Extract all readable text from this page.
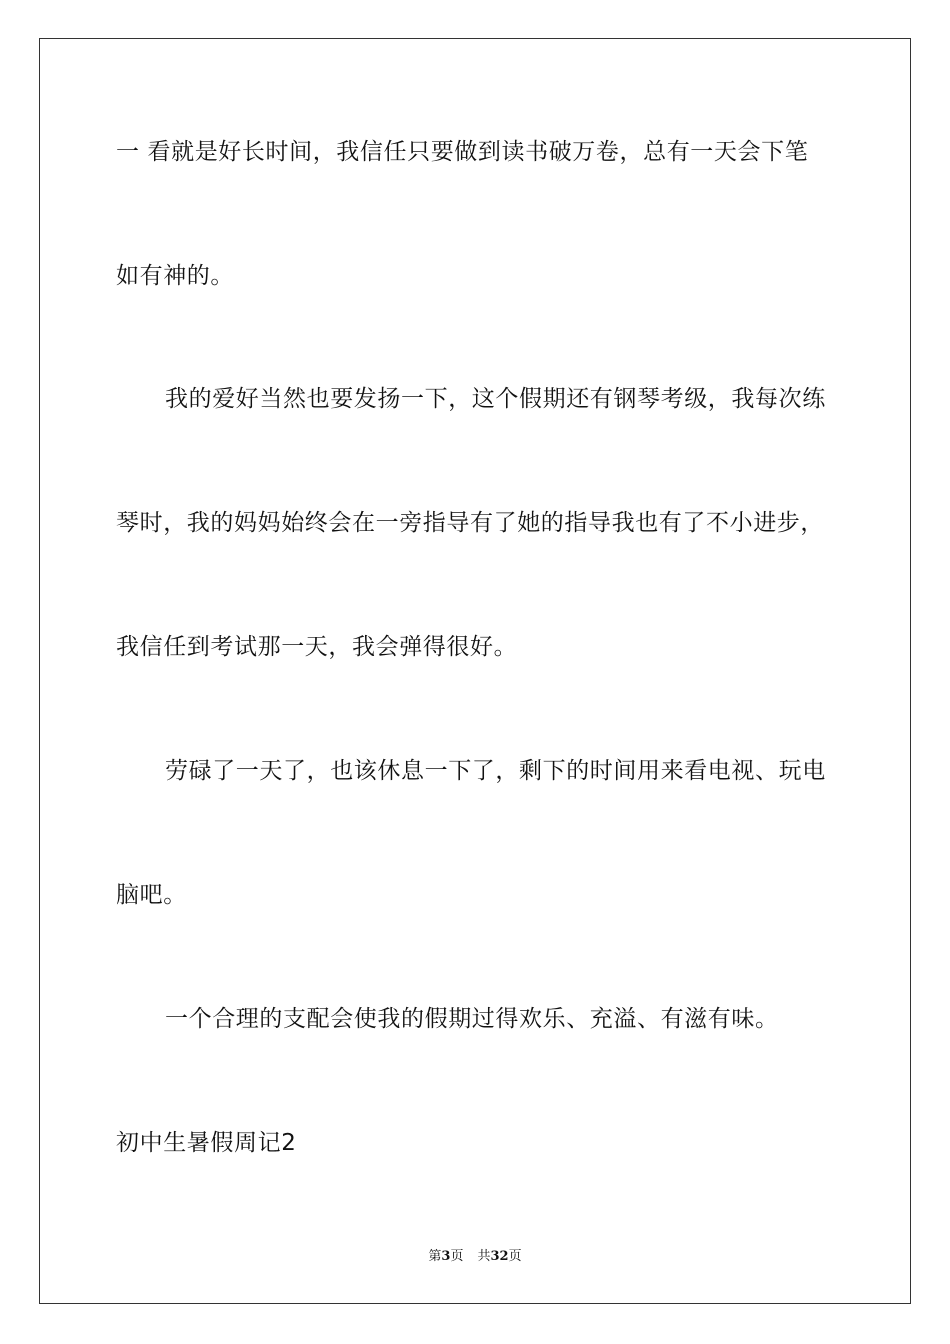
一 看就是好长时间，我信任只要做到读书破万卷，总有一天会下笔
如有神的。
我的爱好当然也要发扬一下，这个假期还有钢琴考级，我每次练
琴时，我的妈妈始终会在一旁指导有了她的指导我也有了不小进步，
我信任到考试那一天，我会弹得很好。
劳碌了一天了，也该休息一下了，剩下的时间用来看电视、玩电
脑吧。
一个合理的支配会使我的假期过得欢乐、充溢、有滋有味。
初中生暑假周记2
第3页 共32页
